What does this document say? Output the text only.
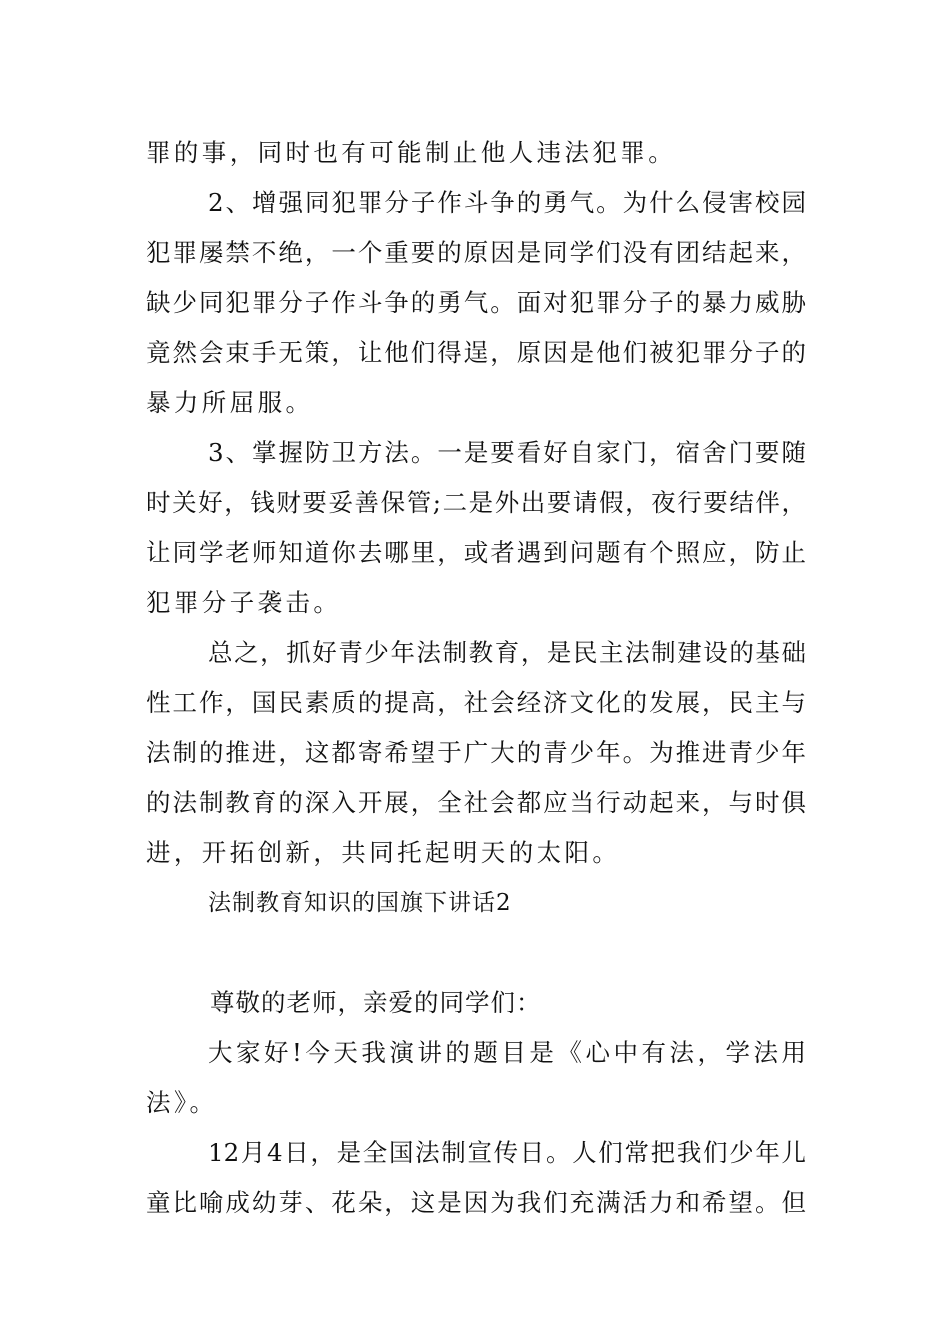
罪的事，同时也有可能制止他人违法犯罪。
2、增强同犯罪分子作斗争的勇气。为什么侵害校园
犯罪屡禁不绝，一个重要的原因是同学们没有团结起来，
缺少同犯罪分子作斗争的勇气。面对犯罪分子的暴力威胁
竟然会束手无策，让他们得逞，原因是他们被犯罪分子的
暴力所屈服。
3、掌握防卫方法。一是要看好自家门，宿舍门要随
时关好，钱财要妥善保管;二是外出要请假，夜行要结伴，
让同学老师知道你去哪里，或者遇到问题有个照应，防止
犯罪分子袭击。
总之，抓好青少年法制教育，是民主法制建设的基础
性工作，国民素质的提高，社会经济文化的发展，民主与
法制的推进，这都寄希望于广大的青少年。为推进青少年
的法制教育的深入开展，全社会都应当行动起来，与时俱
进，开拓创新，共同托起明天的太阳。
法制教育知识的国旗下讲话2
尊敬的老师，亲爱的同学们：
大家好!今天我演讲的题目是《心中有法，学法用
法》。
12月4日，是全国法制宣传日。人们常把我们少年儿
童比喻成幼芽、花朵，这是因为我们充满活力和希望。但
